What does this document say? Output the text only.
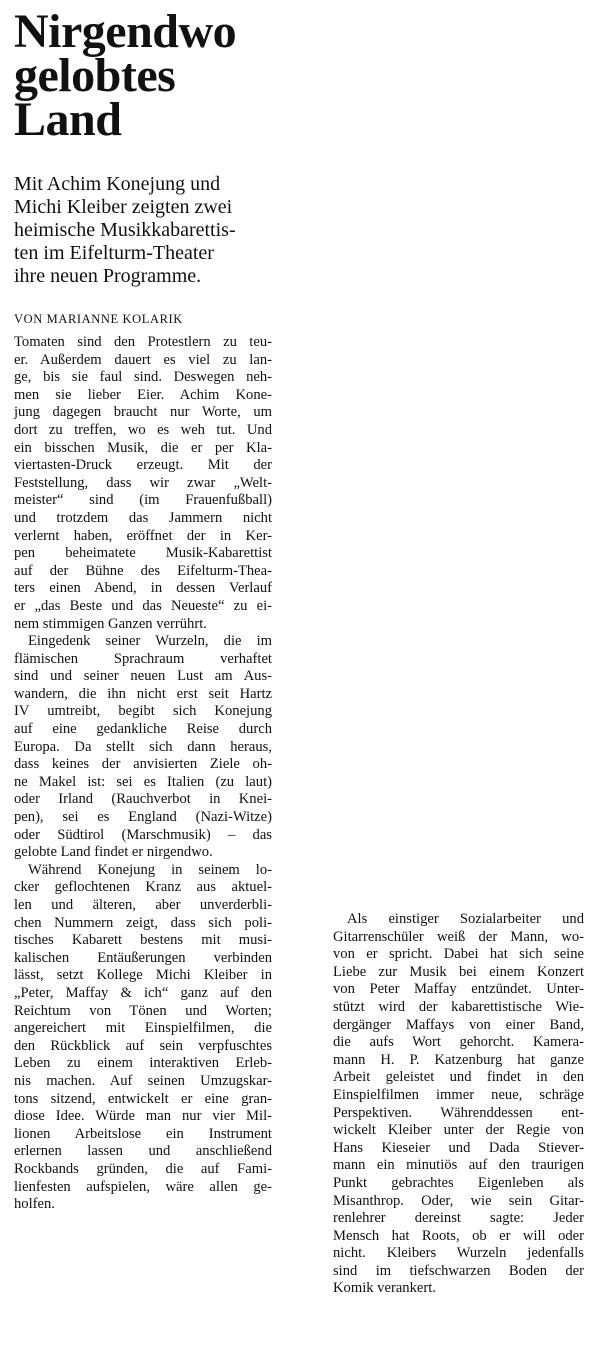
Nirgendwo
gelobtes
Land
Mit Achim Konejung und
Michi Kleiber zeigten zwei
heimische Musikkabarettis-
ten im Eifelturm-Theater
ihre neuen Programme.
VON MARIANNE KOLARIK
Tomaten sind den Protestlern zu teu-
er. Außerdem dauert es viel zu lan-
ge, bis sie faul sind. Deswegen neh-
men sie lieber Eier. Achim Kone-
jung dagegen braucht nur Worte, um
dort zu treffen, wo es weh tut. Und
ein bisschen Musik, die er per Kla-
viertasten-Druck erzeugt. Mit der
Feststellung, dass wir zwar „Welt-
meister“ sind (im Frauenfußball)
und trotzdem das Jammern nicht
verlernt haben, eröffnet der in Ker-
pen beheimatete Musik-Kabarettist
auf der Bühne des Eifelturm-Thea-
ters einen Abend, in dessen Verlauf
er „das Beste und das Neueste“ zu ei-
nem stimmigen Ganzen verrührt.
Eingedenk seiner Wurzeln, die im
flämischen Sprachraum verhaftet
sind und seiner neuen Lust am Aus-
wandern, die ihn nicht erst seit Hartz
IV umtreibt, begibt sich Konejung
auf eine gedankliche Reise durch
Europa. Da stellt sich dann heraus,
dass keines der anvisierten Ziele oh-
ne Makel ist: sei es Italien (zu laut)
oder Irland (Rauchverbot in Knei-
pen), sei es England (Nazi-Witze)
oder Südtirol (Marschmusik) – das
gelobte Land findet er nirgendwo.
Während Konejung in seinem lo-
cker geflochtenen Kranz aus aktuel-
len und älteren, aber unverderbli-
chen Nummern zeigt, dass sich poli-
tisches Kabarett bestens mit musi-
kalischen Entäußerungen verbinden
lässt, setzt Kollege Michi Kleiber in
„Peter, Maffay & ich“ ganz auf den
Reichtum von Tönen und Worten;
angereichert mit Einspielfilmen, die
den Rückblick auf sein verpfuschtes
Leben zu einem interaktiven Erleb-
nis machen. Auf seinen Umzugskar-
tons sitzend, entwickelt er eine gran-
diose Idee. Würde man nur vier Mil-
lionen Arbeitslose ein Instrument
erlernen lassen und anschließend
Rockbands gründen, die auf Fami-
lienfesten aufspielen, wäre allen ge-
holfen.
Als einstiger Sozialarbeiter und
Gitarrenschüler weiß der Mann, wo-
von er spricht. Dabei hat sich seine
Liebe zur Musik bei einem Konzert
von Peter Maffay entzündet. Unter-
stützt wird der kabarettistische Wie-
dergänger Maffays von einer Band,
die aufs Wort gehorcht. Kamera-
mann H. P. Katzenburg hat ganze
Arbeit geleistet und findet in den
Einspielfilmen immer neue, schräge
Perspektiven. Währenddessen ent-
wickelt Kleiber unter der Regie von
Hans Kieseier und Dada Stiever-
mann ein minutiös auf den traurigen
Punkt gebrachtes Eigenleben als
Misanthrop. Oder, wie sein Gitar-
renlehrer dereinst sagte: Jeder
Mensch hat Roots, ob er will oder
nicht. Kleibers Wurzeln jedenfalls
sind im tiefschwarzen Boden der
Komik verankert.
